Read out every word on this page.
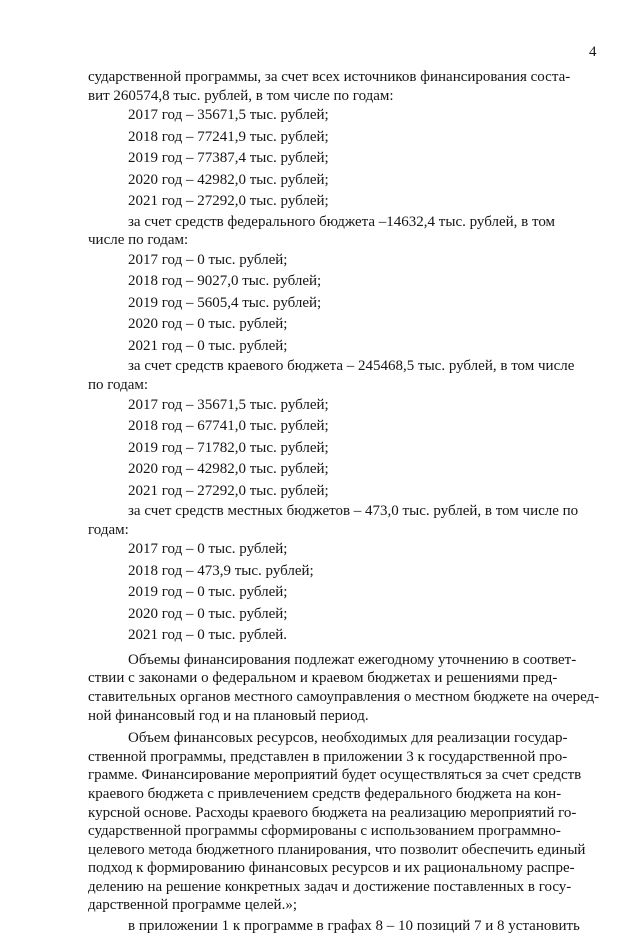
4
сударственной программы, за счет всех источников финансирования соста-
вит 260574,8 тыс. рублей, в том числе по годам:
2017 год – 35671,5 тыс. рублей;
2018 год – 77241,9 тыс. рублей;
2019 год – 77387,4 тыс. рублей;
2020 год – 42982,0 тыс. рублей;
2021 год – 27292,0 тыс. рублей;
за счет средств федерального бюджета –14632,4 тыс. рублей, в том
числе по годам:
2017 год – 0 тыс. рублей;
2018 год – 9027,0 тыс. рублей;
2019 год – 5605,4 тыс. рублей;
2020 год – 0 тыс. рублей;
2021 год – 0 тыс. рублей;
за счет средств краевого бюджета – 245468,5 тыс. рублей, в том числе
по годам:
2017 год – 35671,5 тыс. рублей;
2018 год – 67741,0 тыс. рублей;
2019 год – 71782,0 тыс. рублей;
2020 год – 42982,0 тыс. рублей;
2021 год – 27292,0 тыс. рублей;
за счет средств местных бюджетов – 473,0 тыс. рублей, в том числе по
годам:
2017 год – 0 тыс. рублей;
2018 год – 473,9 тыс. рублей;
2019 год – 0 тыс. рублей;
2020 год – 0 тыс. рублей;
2021 год – 0 тыс. рублей.
Объемы финансирования подлежат ежегодному уточнению в соответ-
ствии с законами о федеральном и краевом бюджетах и решениями пред-
ставительных органов местного самоуправления о местном бюджете на очеред-
ной финансовый год и на плановый период.
Объем финансовых ресурсов, необходимых для реализации государ-
ственной программы, представлен в приложении 3 к государственной про-
грамме. Финансирование мероприятий будет осуществляться за счет средств
краевого бюджета с привлечением средств федерального бюджета на кон-
курсной основе. Расходы краевого бюджета на реализацию мероприятий го-
сударственной программы сформированы с использованием программно-
целевого метода бюджетного планирования, что позволит обеспечить единый
подход к формированию финансовых ресурсов и их рациональному распре-
делению на решение конкретных задач и достижение поставленных в госу-
дарственной программе целей.»;
в приложении 1 к программе в графах 8 – 10 позиций 7 и 8 установить
